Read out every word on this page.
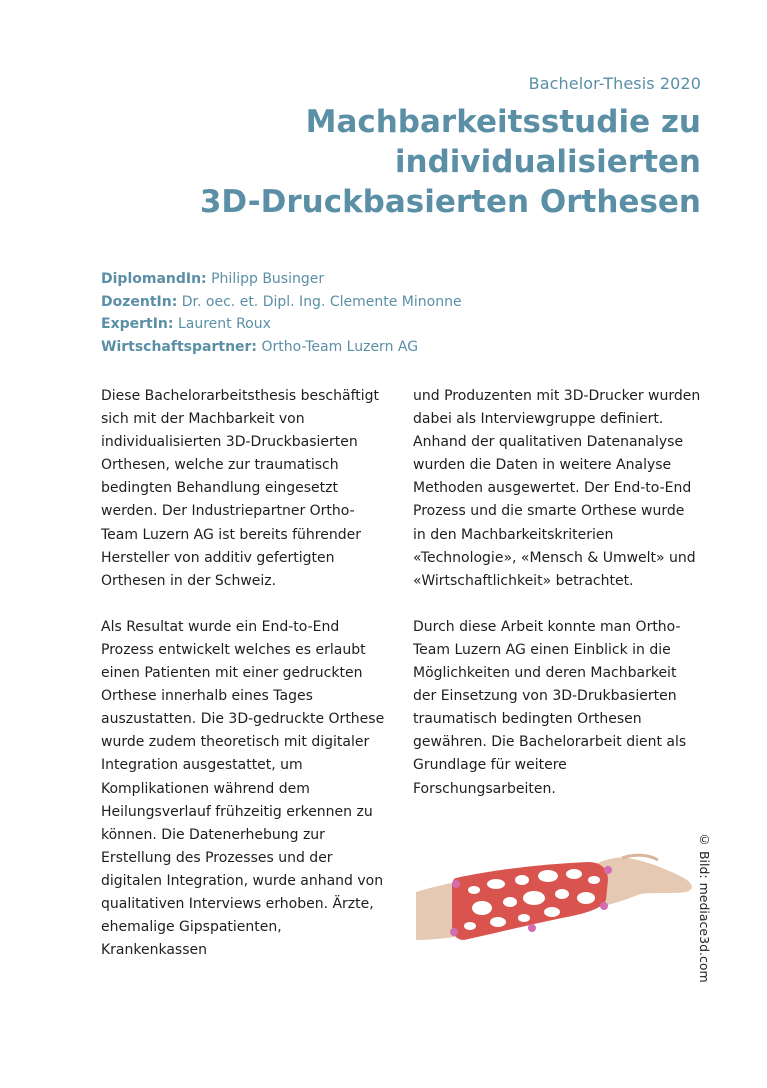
Bachelor-Thesis 2020
Machbarkeitsstudie zu individualisierten
3D-Druckbasierten Orthesen
DiplomandIn: Philipp Businger
DozentIn: Dr. oec. et. Dipl. Ing. Clemente Minonne
ExpertIn: Laurent Roux
Wirtschaftspartner: Ortho-Team Luzern AG

Diese Bachelorarbeitsthesis beschäftigt sich mit der Machbarkeit von individualisierten 3D-Druckbasierten Orthesen, welche zur traumatisch bedingten Behandlung eingesetzt werden. Der Industriepartner Ortho-Team Luzern AG ist bereits führender Hersteller von additiv gefertigten Orthesen in der Schweiz.

Als Resultat wurde ein End-to-End Prozess entwickelt welches es erlaubt einen Patienten mit einer gedruckten Orthese innerhalb eines Tages auszustatten. Die 3D-gedruckte Orthese wurde zudem theoretisch mit digitaler Integration ausgestattet, um Komplikationen während dem Heilungsverlauf frühzeitig erkennen zu können. Die Datenerhebung zur Erstellung des Prozesses und der digitalen Integration, wurde anhand von qualitativen Interviews erhoben. Ärzte, ehemalige Gipspatienten, Krankenkassen

und Produzenten mit 3D-Drucker wurden dabei als Interviewgruppe definiert. Anhand der qualitativen Datenanalyse wurden die Daten in weitere Analyse Methoden ausgewertet. Der End-to-End Prozess und die smarte Orthese wurde in den Machbarkeitskriterien «Technologie», «Mensch & Umwelt» und «Wirtschaftlichkeit» betrachtet.

Durch diese Arbeit konnte man Ortho-Team Luzern AG einen Einblick in die Möglichkeiten und deren Machbarkeit der Einsetzung von 3D-Drukbasierten traumatisch bedingten Orthesen gewähren. Die Bachelorarbeit dient als Grundlage für weitere Forschungsarbeiten.

© Bild: mediace3d.com
